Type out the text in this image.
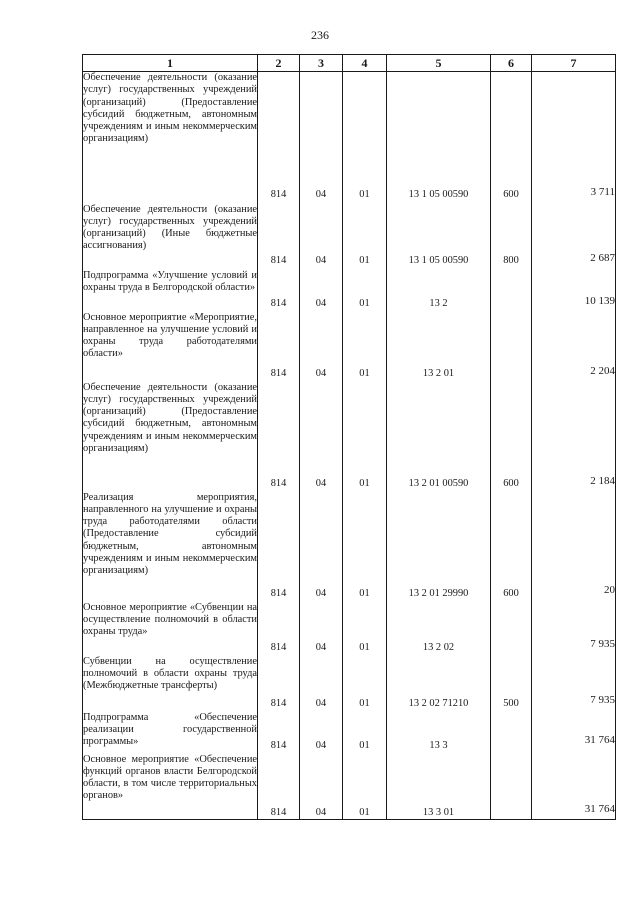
236
1	2	3	4	5	6	7
Обеспечение деятельности (оказание услуг) государственных учреждений (организаций) (Предоставление субсидий бюджетным, автономным учреждениям и иным некоммерческим организациям)	814	04	01	13 1 05 00590	600	3 711

Обеспечение деятельности (оказание услуг) государственных учреждений (организаций) (Иные бюджетные ассигнования)	814	04	01	13 1 05 00590	800	2 687

Подпрограмма «Улучшение условий и охраны труда в Белгородской области»	814	04	01	13 2		10 139

Основное мероприятие «Мероприятие, направленное на улучшение условий и охраны труда работодателями области»	814	04	01	13 2 01		2 204

Обеспечение деятельности (оказание услуг) государственных учреждений (организаций) (Предоставление субсидий бюджетным, автономным учреждениям и иным некоммерческим организациям)	814	04	01	13 2 01 00590	600	2 184

Реализация мероприятия, направленного на улучшение и охраны труда работодателями области (Предоставление субсидий бюджетным, автономным учреждениям и иным некоммерческим организациям)	814	04	01	13 2 01 29990	600	20

Основное мероприятие «Субвенции на осуществление полномочий в области охраны труда»	814	04	01	13 2 02		7 935

Субвенции на осуществление полномочий в области охраны труда (Межбюджетные трансферты)	814	04	01	13 2 02 71210	500	7 935

Подпрограмма «Обеспечение реализации государственной программы»	814	04	01	13 3		31 764

Основное мероприятие «Обеспечение функций органов власти Белгородской области, в том числе территориальных органов»	814	04	01	13 3 01		31 764
